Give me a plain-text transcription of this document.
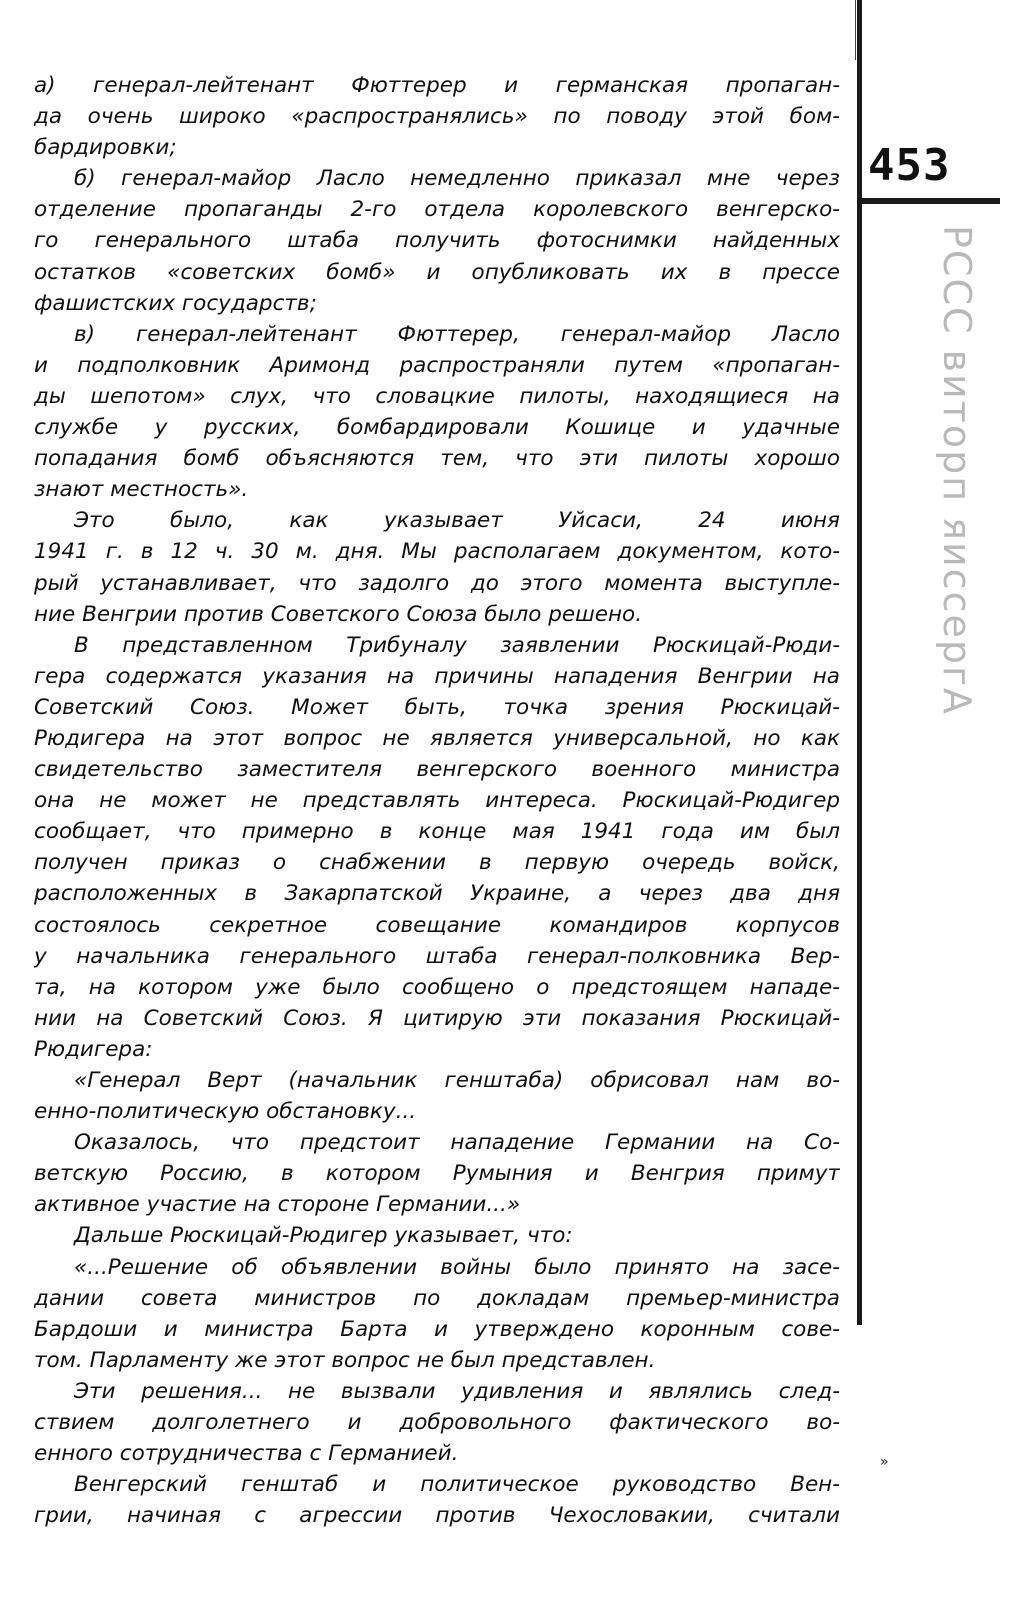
453
Агрессия против СССР
»
а) генерал-лейтенант Фюттерер и германская пропаган-
да очень широко «распространялись» по поводу этой бом-
бардировки;
б) генерал-майор Ласло немедленно приказал мне через
отделение пропаганды 2-го отдела королевского венгерско-
го генерального штаба получить фотоснимки найденных
остатков «советских бомб» и опубликовать их в прессе
фашистских государств;
в) генерал-лейтенант Фюттерер, генерал-майор Ласло
и подполковник Аримонд распространяли путем «пропаган-
ды шепотом» слух, что словацкие пилоты, находящиеся на
службе у русских, бомбардировали Кошице и удачные
попадания бомб объясняются тем, что эти пилоты хорошо
знают местность».
Это было, как указывает Уйсаси, 24 июня
1941 г. в 12 ч. 30 м. дня. Мы располагаем документом, кото-
рый устанавливает, что задолго до этого момента выступле-
ние Венгрии против Советского Союза было решено.
В представленном Трибуналу заявлении Рюскицай-Рюди-
гера содержатся указания на причины нападения Венгрии на
Советский Союз. Может быть, точка зрения Рюскицай-
Рюдигера на этот вопрос не является универсальной, но как
свидетельство заместителя венгерского военного министра
она не может не представлять интереса. Рюскицай-Рюдигер
сообщает, что примерно в конце мая 1941 года им был
получен приказ о снабжении в первую очередь войск,
расположенных в Закарпатской Украине, а через два дня
состоялось секретное совещание командиров корпусов
у начальника генерального штаба генерал-полковника Вер-
та, на котором уже было сообщено о предстоящем нападе-
нии на Советский Союз. Я цитирую эти показания Рюскицай-
Рюдигера:
«Генерал Верт (начальник генштаба) обрисовал нам во-
енно-политическую обстановку...
Оказалось, что предстоит нападение Германии на Со-
ветскую Россию, в котором Румыния и Венгрия примут
активное участие на стороне Германии...»
Дальше Рюскицай-Рюдигер указывает, что:
«...Решение об объявлении войны было принято на засе-
дании совета министров по докладам премьер-министра
Бардоши и министра Барта и утверждено коронным сове-
том. Парламенту же этот вопрос не был представлен.
Эти решения... не вызвали удивления и являлись след-
ствием долголетнего и добровольного фактического во-
енного сотрудничества с Германией.
Венгерский генштаб и политическое руководство Вен-
грии, начиная с агрессии против Чехословакии, считали
